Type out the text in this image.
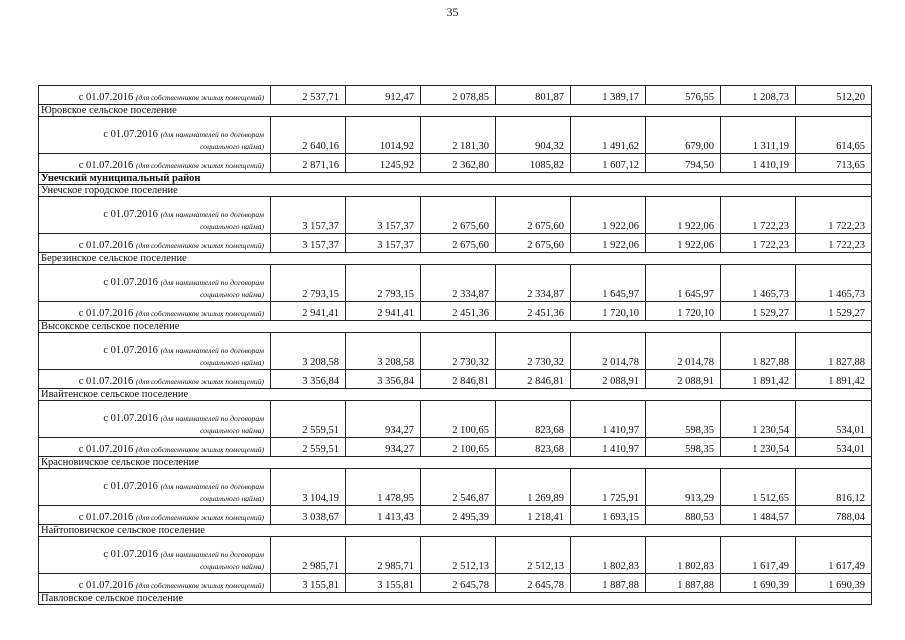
35
с 01.07.2016 (для собственников жилых помещений)	2 537,71	912,47	2 078,85	801,87	1 389,17	576,55	1 208,73	512,20
Юровское сельское поселение								

с 01.07.2016 (для нанимателей по договорам
социального найма)	2 640,16	1014,92	2 181,30	904,32	1 491,62	679,00	1 311,19	614,65
с 01.07.2016 (для собственников жилых помещений)	2 871,16	1245,92	2 362,80	1085,82	1 607,12	794,50	1 410,19	713,65
Унечский муниципальный район								
Унечское городское поселение								

с 01.07.2016 (для нанимателей по договорам
социального найма)	3 157,37	3 157,37	2 675,60	2 675,60	1 922,06	1 922,06	1 722,23	1 722,23
с 01.07.2016 (для собственников жилых помещений)	3 157,37	3 157,37	2 675,60	2 675,60	1 922,06	1 922,06	1 722,23	1 722,23
Березинское сельское поселение								

с 01.07.2016 (для нанимателей по договорам
социального найма)	2 793,15	2 793,15	2 334,87	2 334,87	1 645,97	1 645,97	1 465,73	1 465,73
с 01.07.2016 (для собственников жилых помещений)	2 941,41	2 941,41	2 451,36	2 451,36	1 720,10	1 720,10	1 529,27	1 529,27
Высокское сельское поселение								

с 01.07.2016 (для нанимателей по договорам
социального найма)	3 208,58	3 208,58	2 730,32	2 730,32	2 014,78	2 014,78	1 827,88	1 827,88
с 01.07.2016 (для собственников жилых помещений)	3 356,84	3 356,84	2 846,81	2 846,81	2 088,91	2 088,91	1 891,42	1 891,42
Ивайтенское сельское поселение								

с 01.07.2016 (для нанимателей по договорам
социального найма)	2 559,51	934,27	2 100,65	823,68	1 410,97	598,35	1 230,54	534,01
с 01.07.2016 (для собственников жилых помещений)	2 559,51	934,27	2 100,65	823,68	1 410,97	598,35	1 230,54	534,01
Красновичское сельское поселение								

с 01.07.2016 (для нанимателей по договорам
социального найма)	3 104,19	1 478,95	2 546,87	1 269,89	1 725,91	913,29	1 512,65	816,12
с 01.07.2016 (для собственников жилых помещений)	3 038,67	1 413,43	2 495,39	1 218,41	1 693,15	880,53	1 484,57	788,04
Найтоповичское сельское поселение								

с 01.07.2016 (для нанимателей по договорам
социального найма)	2 985,71	2 985,71	2 512,13	2 512,13	1 802,83	1 802,83	1 617,49	1 617,49
с 01.07.2016 (для собственников жилых помещений)	3 155,81	3 155,81	2 645,78	2 645,78	1 887,88	1 887,88	1 690,39	1 690,39
Павловское сельское поселение								
